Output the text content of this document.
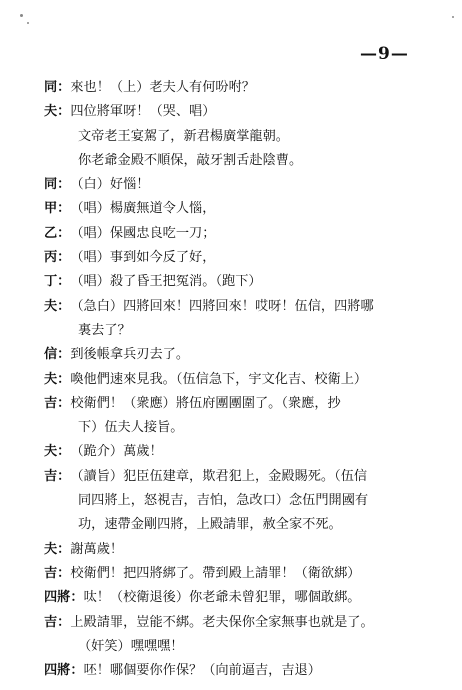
—9—
同： 來也！（上）老夫人有何吩咐？
夫： 四位將軍呀！（哭、唱）
文帝老王宴駕了，新君楊廣掌龍朝。
你老爺金殿不順保，敲牙割舌赴陰曹。
同： （白）好惱！
甲： （唱）楊廣無道令人惱，
乙： （唱）保國忠良吃一刀；
丙： （唱）事到如今反了好，
丁： （唱）殺了昏王把冤消。（跑下）
夫： （急白）四將回來！四將回來！哎呀！伍信，四將哪
裏去了？
信： 到後帳拿兵刃去了。
夫： 喚他們速來見我。（伍信急下，宇文化吉、校衛上）
吉： 校衛們！（衆應）將伍府團團圍了。（衆應，抄
下）伍夫人接旨。
夫： （跪介）萬歲！
吉： （讀旨）犯臣伍建章，欺君犯上，金殿賜死。（伍信
同四將上，怒視吉，吉怕，急改口）念伍門開國有
功，速帶金剛四將，上殿請罪，赦全家不死。
夫： 謝萬歲！
吉： 校衛們！把四將綁了。帶到殿上請罪！（衛欲綁）
四將： 呔！（校衛退後）你老爺未曾犯罪，哪個敢綁。
吉： 上殿請罪，豈能不綁。老夫保你全家無事也就是了。
（奸笑）嘿嘿嘿！
四將： 呸！哪個要你作保？（向前逼吉，吉退）
